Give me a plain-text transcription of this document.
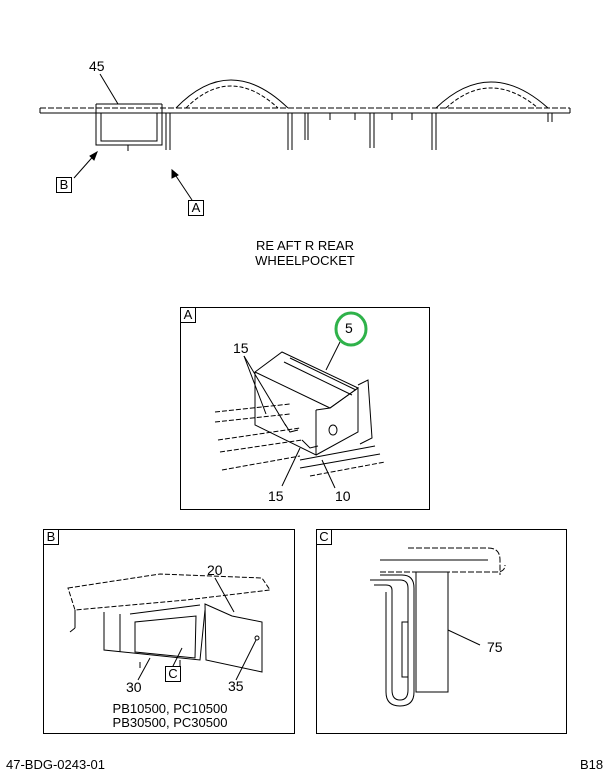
45
B
A
RE AFT R REAR
WHEELPOCKET
A
5
15
15	10
B
20
30
C
35
PB10500, PC10500
PB30500, PC30500
C
75
47-BDG-0243-01	B18
